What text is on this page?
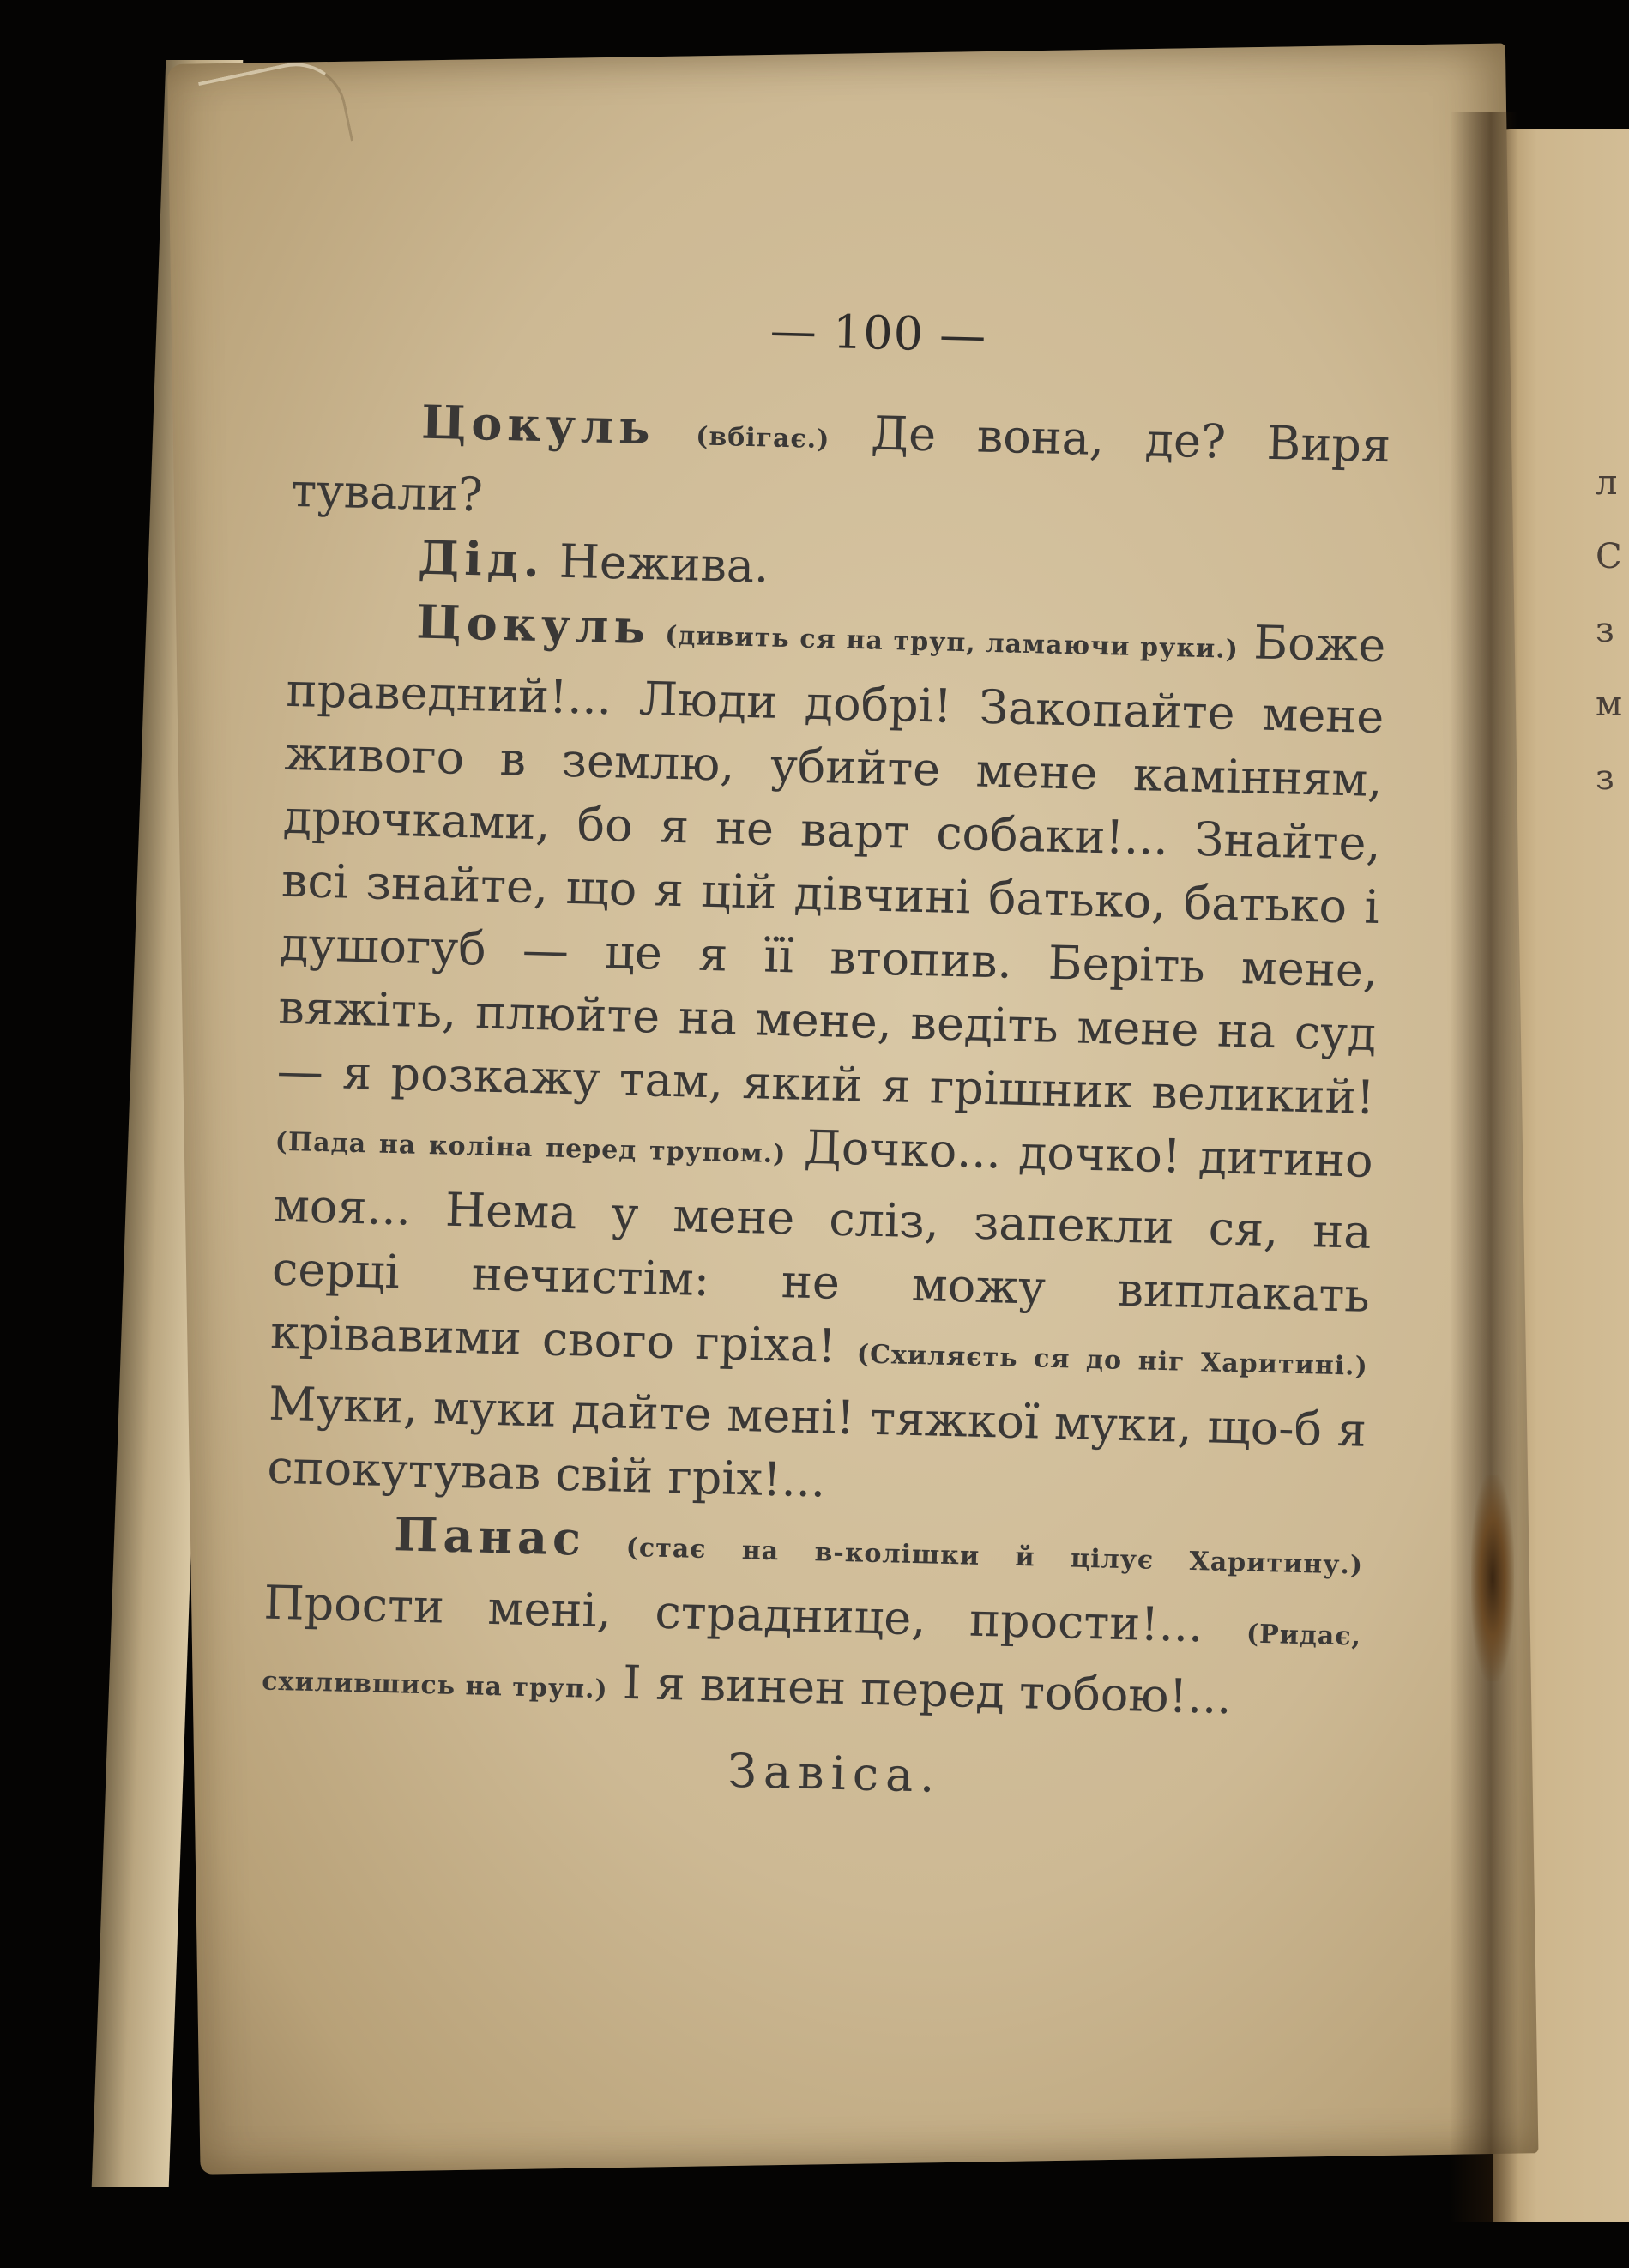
л
С
з
м
з
— 100 —

Цокуль (вбігає.) Де вона, де? Виря тували?

Дід. Нежива.

Цокуль (дивить ся на труп, ламаючи руки.) Боже праведний!... Люди добрі! Закопайте мене живого в землю, убийте мене камінням, дрючками, бо я не варт собаки!... Знайте, всі знайте, що я цій дівчині батько, батько і душогуб — це я її втопив. Беріть мене, вяжіть, плюйте на мене, ведіть мене на суд — я розкажу там, який я грішник великий! (Пада на коліна перед трупом.) Дочко... дочко! дитино моя... Нема у мене сліз, запекли ся, на серці нечистім: не можу виплакать крівавими свого гріха! (Схиляєть ся до ніг Харитині.) Муки, муки дайте мені! тяжкої муки, що-б я спокутував свій гріх!...

Панас (стає на в-колішки й цілує Харитину.) Прости мені, страднице, прости!... (Ридає, схилившись на труп.) І я винен перед тобою!...

Завіса.
